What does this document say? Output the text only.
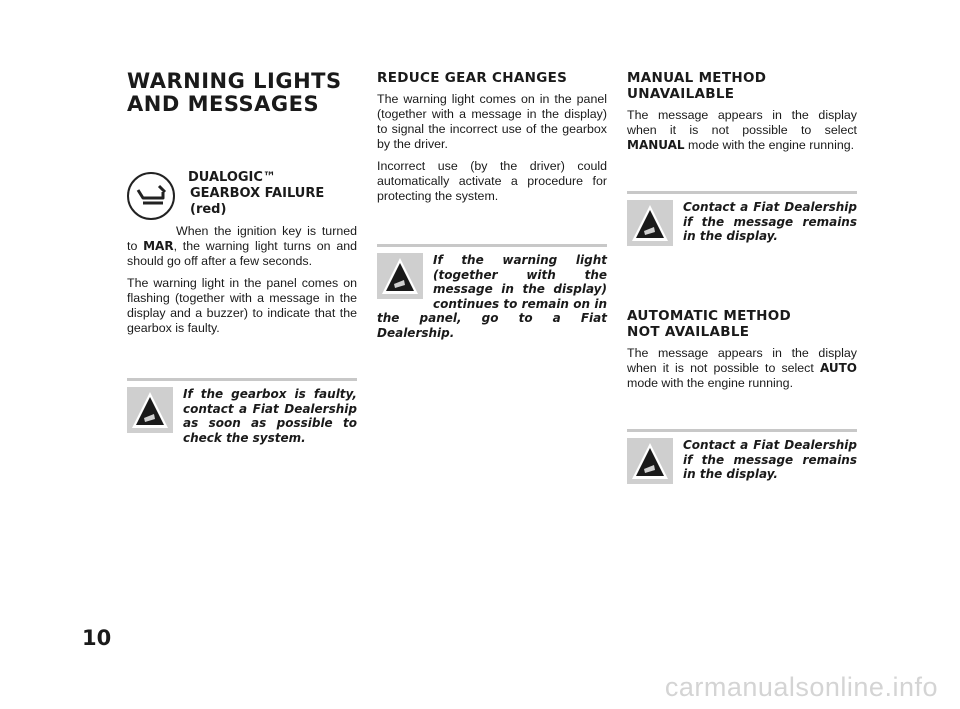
WARNING LIGHTS
AND MESSAGES
DUALOGIC™
GEARBOX FAILURE
(red)

When the ignition key is turned to MAR, the warning light turns on and should go off after a few seconds.

The warning light in the panel comes on flashing (together with a message in the display and a buzzer) to indicate that the gearbox is faulty.

If the gearbox is faulty, contact a Fiat Dealership as soon as possible to check the system.

REDUCE GEAR CHANGES

The warning light comes on in the panel (together with a message in the display) to signal the incorrect use of the gearbox by the driver.

Incorrect use (by the driver) could automatically activate a procedure for protecting the system.

If the warning light (together with the message in the display) continues to remain on in the panel, go to a Fiat Dealership.

MANUAL METHOD
UNAVAILABLE

The message appears in the display when it is not possible to select MANUAL mode with the engine running.

Contact a Fiat Dealership if the message remains in the display.

AUTOMATIC METHOD
NOT AVAILABLE

The message appears in the display when it is not possible to select AUTO mode with the engine running.

Contact a Fiat Dealership if the message remains in the display.

10
carmanualsonline.info
